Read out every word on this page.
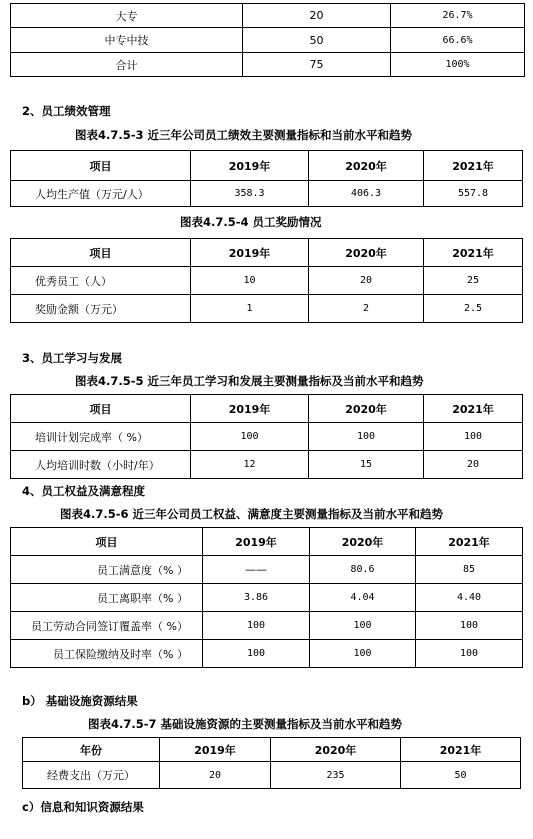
大专	20	26.7%
中专中技	50	66.6%
合计	75	100%
2、员工绩效管理
图表4.7.5-3 近三年公司员工绩效主要测量指标和当前水平和趋势
项目	2019年	2020年	2021年
人均生产值（万元/人）	358.3	406.3	557.8
图表4.7.5-4 员工奖励情况
项目	2019年	2020年	2021年
优秀员工（人）	10	20	25
奖励金额（万元）	1	2	2.5
3、员工学习与发展
图表4.7.5-5 近三年员工学习和发展主要测量指标及当前水平和趋势
项目	2019年	2020年	2021年
培训计划完成率（ %）	100	100	100
人均培训时数（小时/年）	12	15	20
4、员工权益及满意程度
图表4.7.5-6 近三年公司员工权益、满意度主要测量指标及当前水平和趋势
项目	2019年	2020年	2021年
员工满意度（% ）	——	80.6	85
员工离职率（% ）	3.86	4.04	4.40
员工劳动合同签订覆盖率（ %）	100	100	100
员工保险缴纳及时率（% ）	100	100	100
b） 基础设施资源结果
图表4.7.5-7 基础设施资源的主要测量指标及当前水平和趋势
年份	2019年	2020年	2021年
经费支出（万元）	20	235	50
c）信息和知识资源结果
